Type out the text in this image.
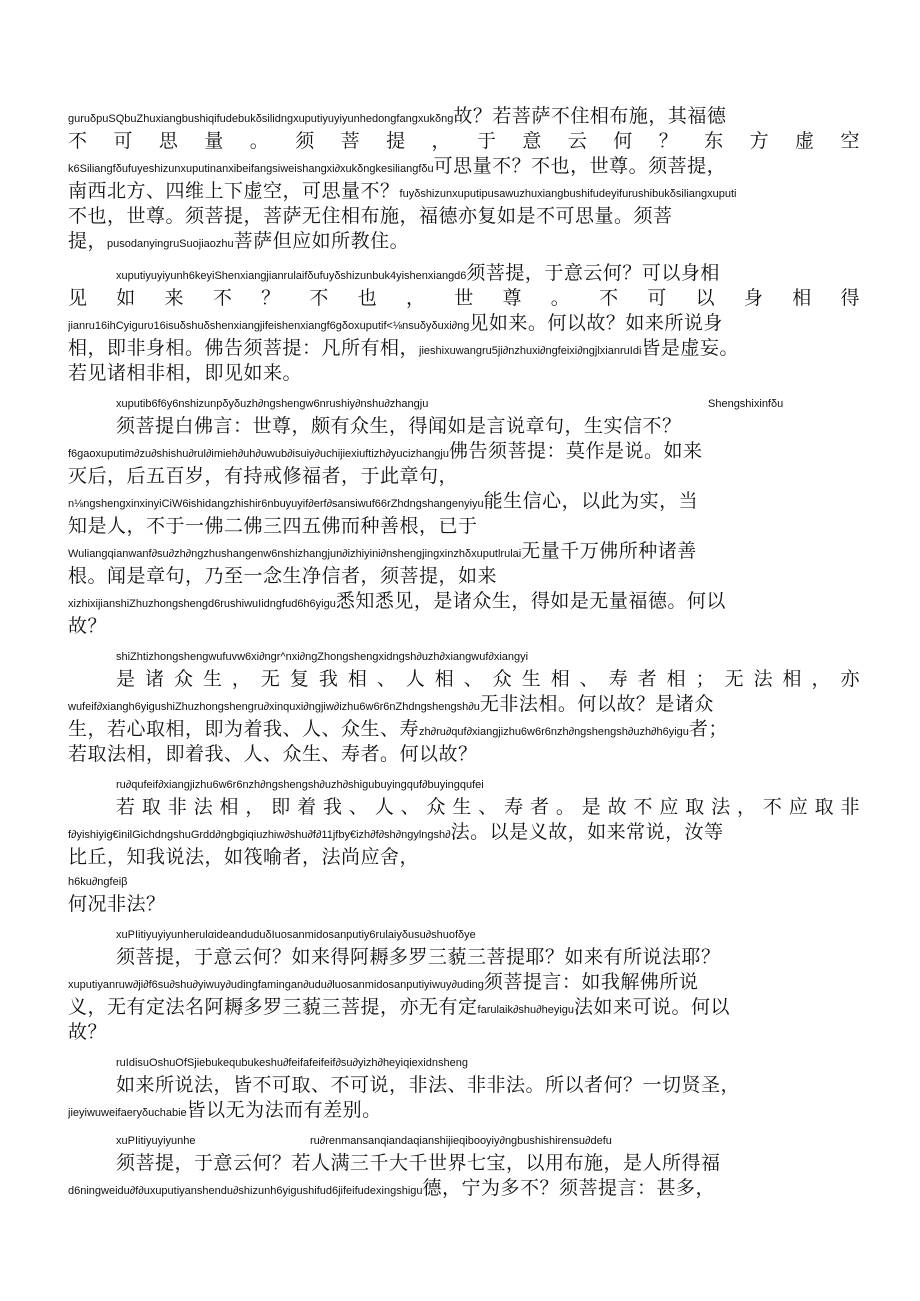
guruδpuSQbuZhuxiangbushiqifudebukδsilidngxuputiyuyiyunhedongfangxukδng故？若菩萨不住相布施，其福德
不可思量。须菩提，于意云何？东方虚空
k6Siliangfδufuyeshizunxuputinanxibeifangsiweishangxi∂xukδngkesiliangfδu可思量不？不也，世尊。须菩提，
南西北方、四维上下虚空，可思量不？fuyδshizunxuputipusawuzhuxiangbushifudeyifurushibukδsiliangxuputi
不也，世尊。须菩提，菩萨无住相布施，福德亦复如是不可思量。须菩
提，pusodanyingruSuojiaozhu菩萨但应如所教住。
xuputiyuyiyunh6keyiShenxiangjianrulaifδufuyδshizunbuk4yishenxiangd6须菩提，于意云何？可以身相
见如来不？不也，世尊。不可以身相得
jianru16ihCyigurυ16isuδshuδshenxiangjifeishenxiangf6gδoxuputif<⅛nsuδyδuxi∂ng见如来。何以故？如来所说身
相，即非身相。佛告须菩提：凡所有相，jieshixuwangru5ji∂nzhuxi∂ngfeixi∂ngjlxianruIdi皆是虚妄。
若见诸相非相，即见如来。
xuputib6f6y6nshizunpδyδuzh∂ngshengw6nrushiy∂nshu∂zhangju	Shengshixinfδu
须菩提白佛言：世尊，颇有众生，得闻如是言说章句，生实信不？
f6gaoxuputim∂zu∂shishu∂rul∂imieh∂uh∂uwub∂isuiy∂uchijiexiuftizh∂yucizhangju佛告须菩提：莫作是说。如来
灭后，后五百岁，有持戒修福者，于此章句，
n⅛ngshengxinxinyiCiW6ishidangzhishir6nbuyuyif∂erf∂sansiwuf66rZhdngshangenyiyu能生信心，以此为实，当
知是人，不于一佛二佛三四五佛而种善根，已于
Wuliangqianwanf∂su∂zh∂ngzhushangenw6nshizhangjun∂izhiyini∂nshengjingxinzhδxuputlrulai无量千万佛所种诸善
根。闻是章句，乃至一念生净信者，须菩提，如来
xizhixijianshiZhuzhongshengd6rushiwuIidngfud6h6yigu悉知悉见，是诸众生，得如是无量福德。何以
故？
shiZhtizhongshengwufuvw6xi∂ngr^nxi∂ngZhongshengxidngsh∂uzh∂xiangwuf∂xiangyi
是诸众生，无复我相、人相、众生相、寿者相；无法相，亦
wufeif∂xiangh6yigushiZhuzhongshengru∂xinquxi∂ngjiw∂izhu6w6r6nZhdngshengsh∂u无非法相。何以故？是诸众
生，若心取相，即为着我、人、众生、寿zh∂ru∂quf∂xiangjizhu6w6r6nzh∂ngshengsh∂uzh∂h6yigu者；
若取法相，即着我、人、众生、寿者。何以故？
ru∂qufeif∂xiangjizhu6w6r6nzh∂ngshengsh∂uzh∂shigubuyingquf∂buyingqufei
若取非法相，即着我、人、众生、寿者。是故不应取法，不应取非
f∂yishiyig€inilGichdngshuGrdd∂ngbgiqiuzhiw∂shu∂f∂11jfby€izh∂f∂sh∂ngylngsh∂法。以是义故，如来常说，汝等
比丘，知我说法，如筏喻者，法尚应舍，
h6ku∂ngfeiβ
何况非法？
xuPIitiyuyiyunherulαideanduduδIuosanmidosanputiy6rulaiyδusu∂shuofδye
须菩提，于意云何？如来得阿耨多罗三藐三菩提耶？如来有所说法耶？
xuputiyanruw∂ji∂f6su∂shu∂yiwuy∂udingfamingan∂udu∂luosanmidosanputiyiwuy∂uding须菩提言：如我解佛所说
义，无有定法名阿耨多罗三藐三菩提，亦无有定farulaik∂shu∂heyigu法如来可说。何以
故？
ruIdisuOshuOfSjiebukequbukeshu∂feifafeifeif∂su∂yizh∂heyiqiexidnsheng
如来所说法，皆不可取、不可说，非法、非非法。所以者何？一切贤圣，
jieyiwuweifaeryδuchabie皆以无为法而有差别。
xuPIitiyuyiyunhe	ru∂renmansanqiandaqianshijieqibooyiy∂ngbushishirensu∂defu
须菩提，于意云何？若人满三千大千世界七宝，以用布施，是人所得福
d6ningweidu∂f∂uxuputiyanshendu∂shizunh6yigushifud6jifeifudexingshigu德，宁为多不？须菩提言：甚多，
